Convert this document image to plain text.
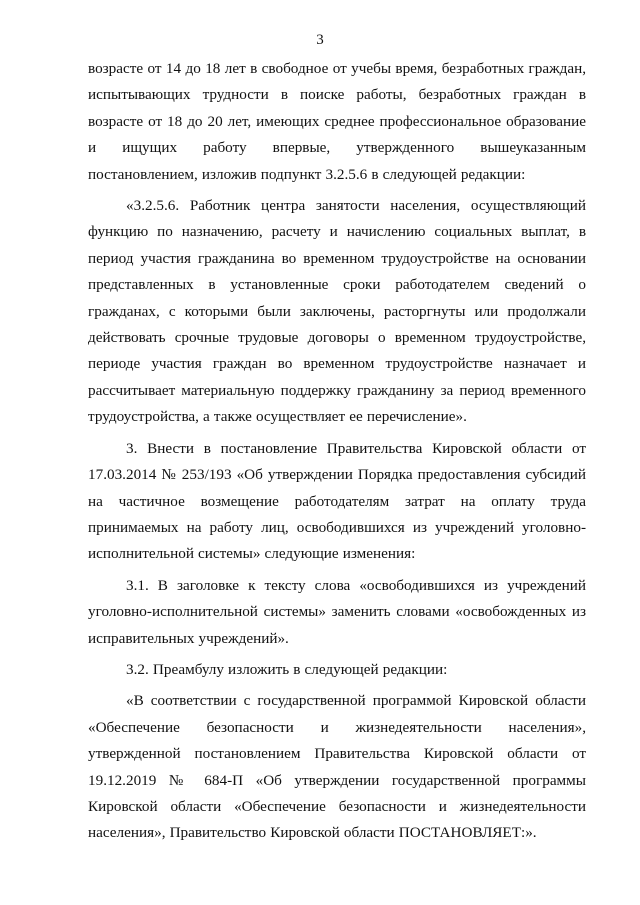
3

возрасте от 14 до 18 лет в свободное от учебы время, безработных граждан, испытывающих трудности в поиске работы, безработных граждан в возрасте от 18 до 20 лет, имеющих среднее профессиональное образование и ищущих работу впервые, утвержденного вышеуказанным постановлением, изложив подпункт 3.2.5.6 в следующей редакции:

«3.2.5.6. Работник центра занятости населения, осуществляющий функцию по назначению, расчету и начислению социальных выплат, в период участия гражданина во временном трудоустройстве на основании представленных в установленные сроки работодателем сведений о гражданах, с которыми были заключены, расторгнуты или продолжали действовать срочные трудовые договоры о временном трудоустройстве, периоде участия граждан во временном трудоустройстве назначает и рассчитывает материальную поддержку гражданину за период временного трудоустройства, а также осуществляет ее перечисление».

3. Внести в постановление Правительства Кировской области от 17.03.2014 № 253/193 «Об утверждении Порядка предоставления субсидий на частичное возмещение работодателям затрат на оплату труда принимаемых на работу лиц, освободившихся из учреждений уголовно-исполнительной системы» следующие изменения:

3.1. В заголовке к тексту слова «освободившихся из учреждений уголовно-исполнительной системы» заменить словами «освобожденных из исправительных учреждений».

3.2. Преамбулу изложить в следующей редакции:

«В соответствии с государственной программой Кировской области «Обеспечение безопасности и жизнедеятельности населения», утвержденной постановлением Правительства Кировской области от 19.12.2019 № 684-П «Об утверждении государственной программы Кировской области «Обеспечение безопасности и жизнедеятельности населения», Правительство Кировской области ПОСТАНОВЛЯЕТ:».
